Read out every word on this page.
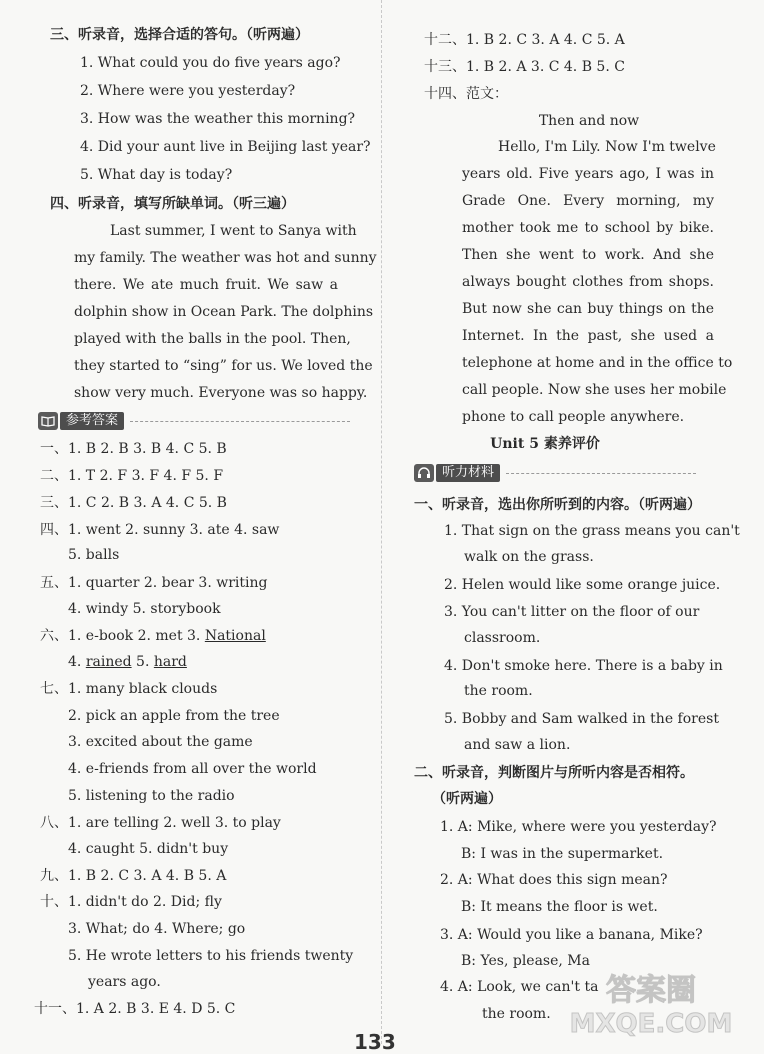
三、听录音，选择合适的答句。（听两遍）
1. What could you do five years ago?
2. Where were you yesterday?
3. How was the weather this morning?
4. Did your aunt live in Beijing last year?
5. What day is today?
四、听录音，填写所缺单词。（听三遍）
Last summer, I went to Sanya with
my family. The weather was hot and sunny
there. We ate much fruit. We saw a
dolphin show in Ocean Park. The dolphins
played with the balls in the pool. Then,
they started to “sing” for us. We loved the
show very much. Everyone was so happy.
参考答案
一、1. B 2. B 3. B 4. C 5. B
二、1. T 2. F 3. F 4. F 5. F
三、1. C 2. B 3. A 4. C 5. B
四、1. went 2. sunny 3. ate 4. saw
5. balls
五、1. quarter 2. bear 3. writing
4. windy 5. storybook
六、1. e-book 2. met 3. National
4. rained 5. hard
七、1. many black clouds
2. pick an apple from the tree
3. excited about the game
4. e-friends from all over the world
5. listening to the radio
八、1. are telling 2. well 3. to play
4. caught 5. didn't buy
九、1. B 2. C 3. A 4. B 5. A
十、1. didn't do 2. Did; fly
3. What; do 4. Where; go
5. He wrote letters to his friends twenty
years ago.
十一、1. A 2. B 3. E 4. D 5. C
十二、1. B 2. C 3. A 4. C 5. A
十三、1. B 2. A 3. C 4. B 5. C
十四、范文：
Then and now
Hello, I'm Lily. Now I'm twelve
years old. Five years ago, I was in
Grade One. Every morning, my
mother took me to school by bike.
Then she went to work. And she
always bought clothes from shops.
But now she can buy things on the
Internet. In the past, she used a
telephone at home and in the office to
call people. Now she uses her mobile
phone to call people anywhere.
Unit 5 素养评价
听力材料
一、听录音，选出你所听到的内容。（听两遍）
1. That sign on the grass means you can't
walk on the grass.
2. Helen would like some orange juice.
3. You can't litter on the floor of our
classroom.
4. Don't smoke here. There is a baby in
the room.
5. Bobby and Sam walked in the forest
and saw a lion.
二、听录音，判断图片与所听内容是否相符。
（听两遍）
1. A: Mike, where were you yesterday?
B: I was in the supermarket.
2. A: What does this sign mean?
B: It means the floor is wet.
3. A: Would you like a banana, Mike?
B: Yes, please, Ma
4. A: Look, we can't ta
the room.
答案圈
MXQE.COM
133
